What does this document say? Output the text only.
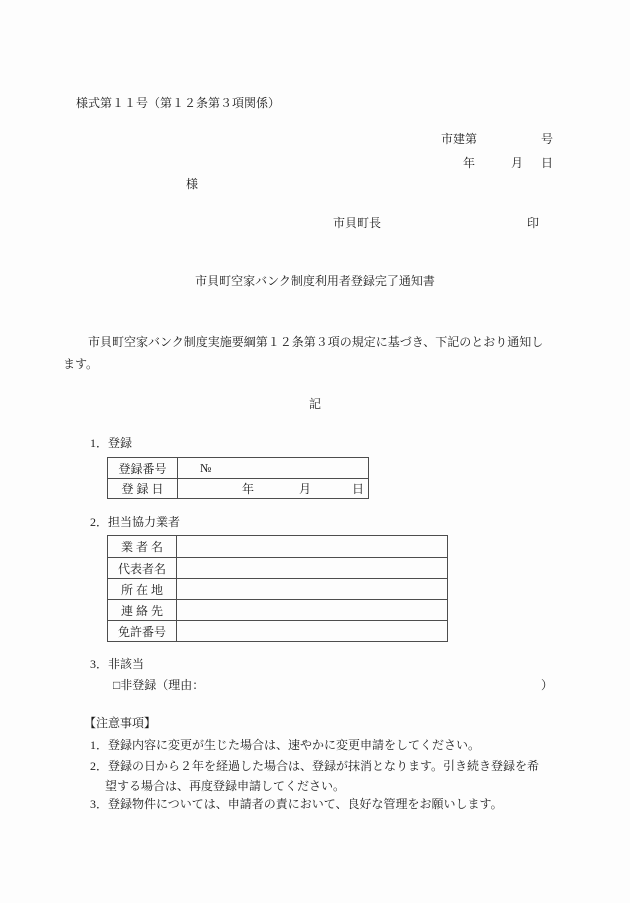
様式第１１号（第１２条第３項関係）

市建第	号

年	月 日

様
市貝町長	印
市貝町空家バンク制度利用者登録完了通知書
市貝町空家バンク制度実施要綱第１２条第３項の規定に基づき、下記のとおり通知します。
記
1．登録
登録番号	№
登 録 日	年	月	日
2．担当協力業者
業 者 名
代表者名
所 在 地
連 絡 先
免許番号
3．非該当
□ 非登録（理由：	）
【注意事項】
1．登録内容に変更が生じた場合は、速やかに変更申請をしてください。
2．登録の日から２年を経過した場合は、登録が抹消となります。引き続き登録を希望する場合は、再度登録申請してください。
3．登録物件については、申請者の責において、良好な管理をお願いします。
